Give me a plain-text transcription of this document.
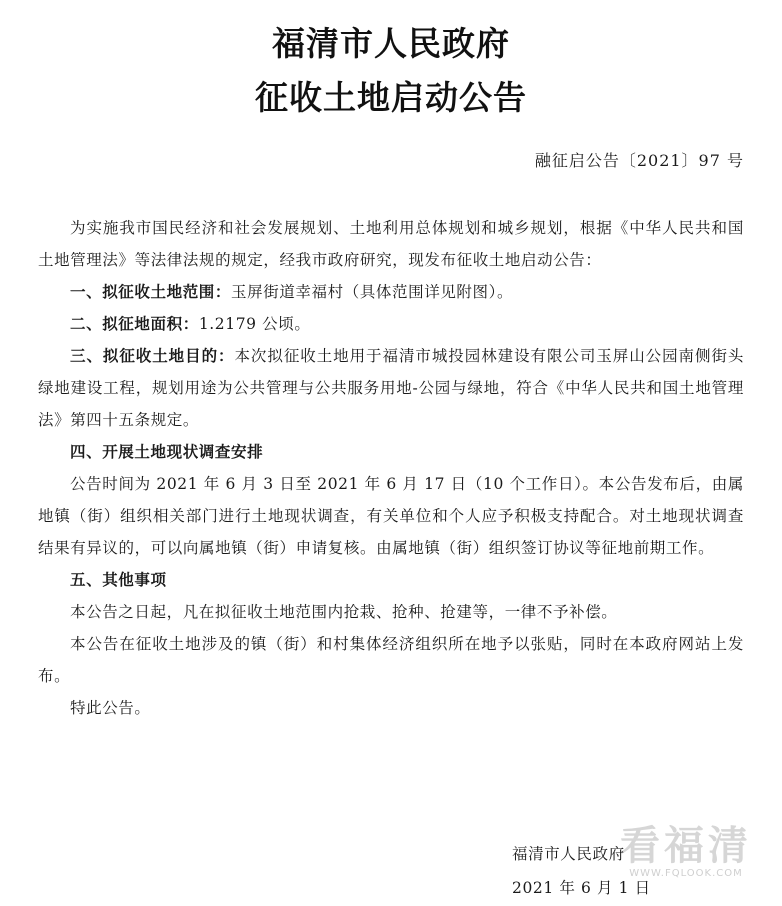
福清市人民政府
征收土地启动公告
融征启公告〔2021〕97 号

为实施我市国民经济和社会发展规划、土地利用总体规划和城乡规划，根据《中华人民共和国土地管理法》等法律法规的规定，经我市政府研究，现发布征收土地启动公告：

一、拟征收土地范围：玉屏街道幸福村（具体范围详见附图）。

二、拟征地面积：1.2179 公顷。

三、拟征收土地目的：本次拟征收土地用于福清市城投园林建设有限公司玉屏山公园南侧街头绿地建设工程，规划用途为公共管理与公共服务用地-公园与绿地，符合《中华人民共和国土地管理法》第四十五条规定。

四、开展土地现状调查安排

公告时间为 2021 年 6 月 3 日至 2021 年 6 月 17 日（10 个工作日）。本公告发布后，由属地镇（街）组织相关部门进行土地现状调查，有关单位和个人应予积极支持配合。对土地现状调查结果有异议的，可以向属地镇（街）申请复核。由属地镇（街）组织签订协议等征地前期工作。

五、其他事项

本公告之日起，凡在拟征收土地范围内抢栽、抢种、抢建等，一律不予补偿。

本公告在征收土地涉及的镇（街）和村集体经济组织所在地予以张贴，同时在本政府网站上发布。

特此公告。

看福清
WWW.FQLOOK.COM
福清市人民政府
2021 年 6 月 1 日
